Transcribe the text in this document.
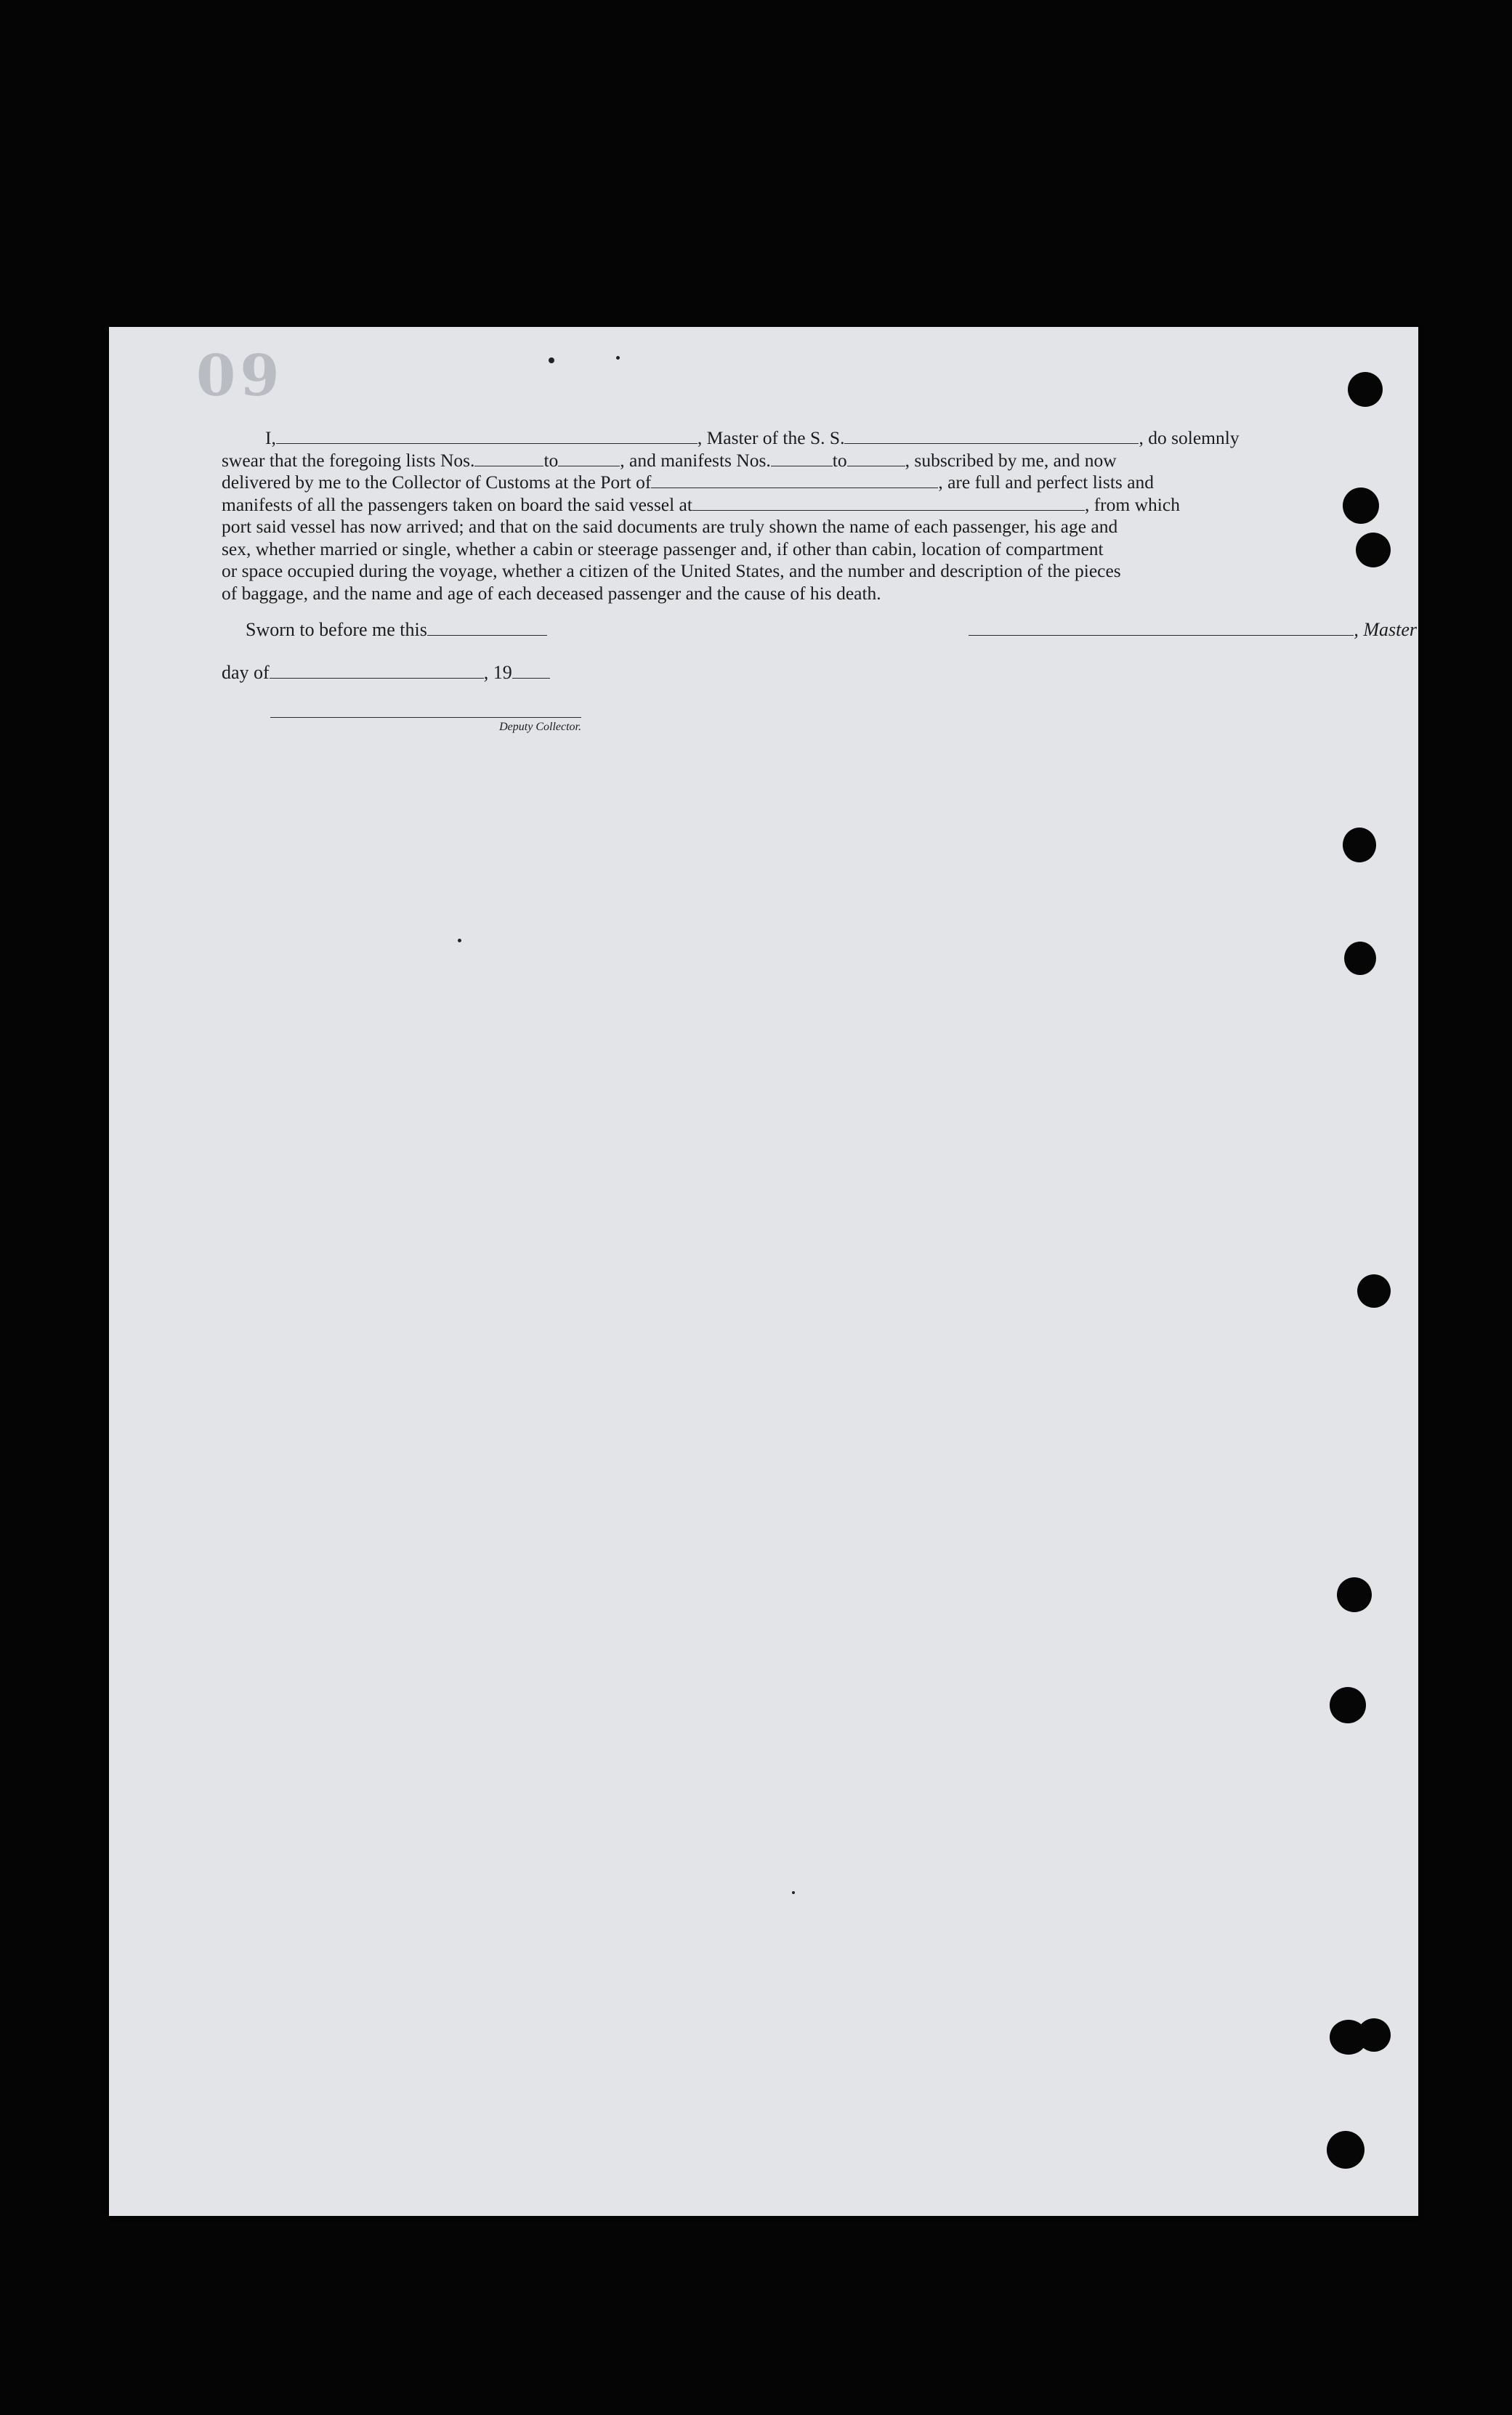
09
I,	, Master of the S. S.	, do solemnly
swear that the foregoing lists Nos.	to	, and manifests Nos.	to	, subscribed by me, and now
delivered by me to the Collector of Customs at the Port of	, are full and perfect lists and
manifests of all the passengers taken on board the said vessel at	, from which
port said vessel has now arrived; and that on the said documents are truly shown the name of each passenger, his age and
sex, whether married or single, whether a cabin or steerage passenger and, if other than cabin, location of compartment
or space occupied during the voyage, whether a citizen of the United States, and the number and description of the pieces
of baggage, and the name and age of each deceased passenger and the cause of his death.
Sworn to before me this	, Master
day of	, 19
Deputy Collector.
